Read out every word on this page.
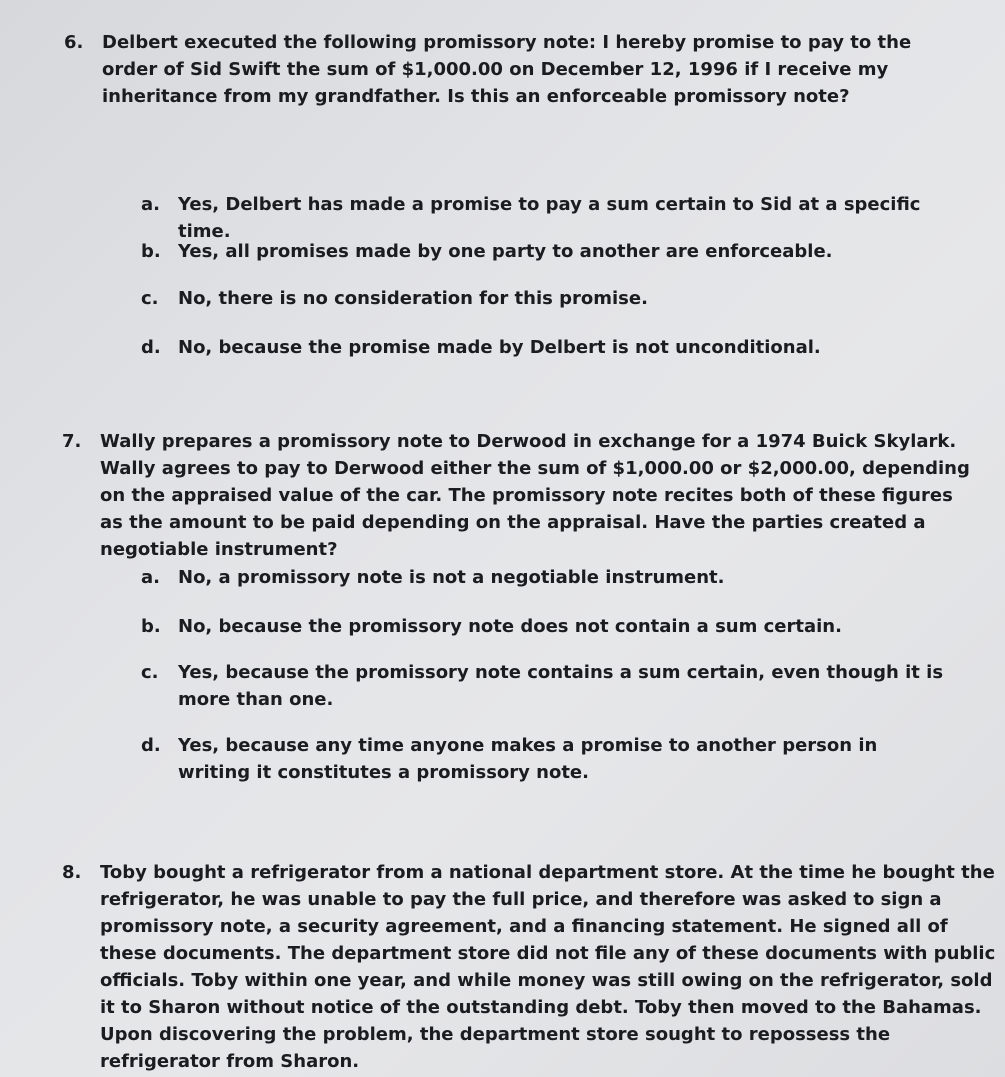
6. Delbert executed the following promissory note: I hereby promise to pay to the order of Sid Swift the sum of $1,000.00 on December 12, 1996 if I receive my inheritance from my grandfather. Is this an enforceable promissory note?
a. Yes, Delbert has made a promise to pay a sum certain to Sid at a specific time.
b. Yes, all promises made by one party to another are enforceable.
c. No, there is no consideration for this promise.
d. No, because the promise made by Delbert is not unconditional.
7. Wally prepares a promissory note to Derwood in exchange for a 1974 Buick Skylark. Wally agrees to pay to Derwood either the sum of $1,000.00 or $2,000.00, depending on the appraised value of the car. The promissory note recites both of these figures as the amount to be paid depending on the appraisal. Have the parties created a negotiable instrument?
a. No, a promissory note is not a negotiable instrument.
b. No, because the promissory note does not contain a sum certain.
c. Yes, because the promissory note contains a sum certain, even though it is more than one.
d. Yes, because any time anyone makes a promise to another person in writing it constitutes a promissory note.
8. Toby bought a refrigerator from a national department store. At the time he bought the refrigerator, he was unable to pay the full price, and therefore was asked to sign a promissory note, a security agreement, and a financing statement. He signed all of these documents. The department store did not file any of these documents with public officials. Toby within one year, and while money was still owing on the refrigerator, sold it to Sharon without notice of the outstanding debt. Toby then moved to the Bahamas. Upon discovering the problem, the department store sought to repossess the refrigerator from Sharon.
